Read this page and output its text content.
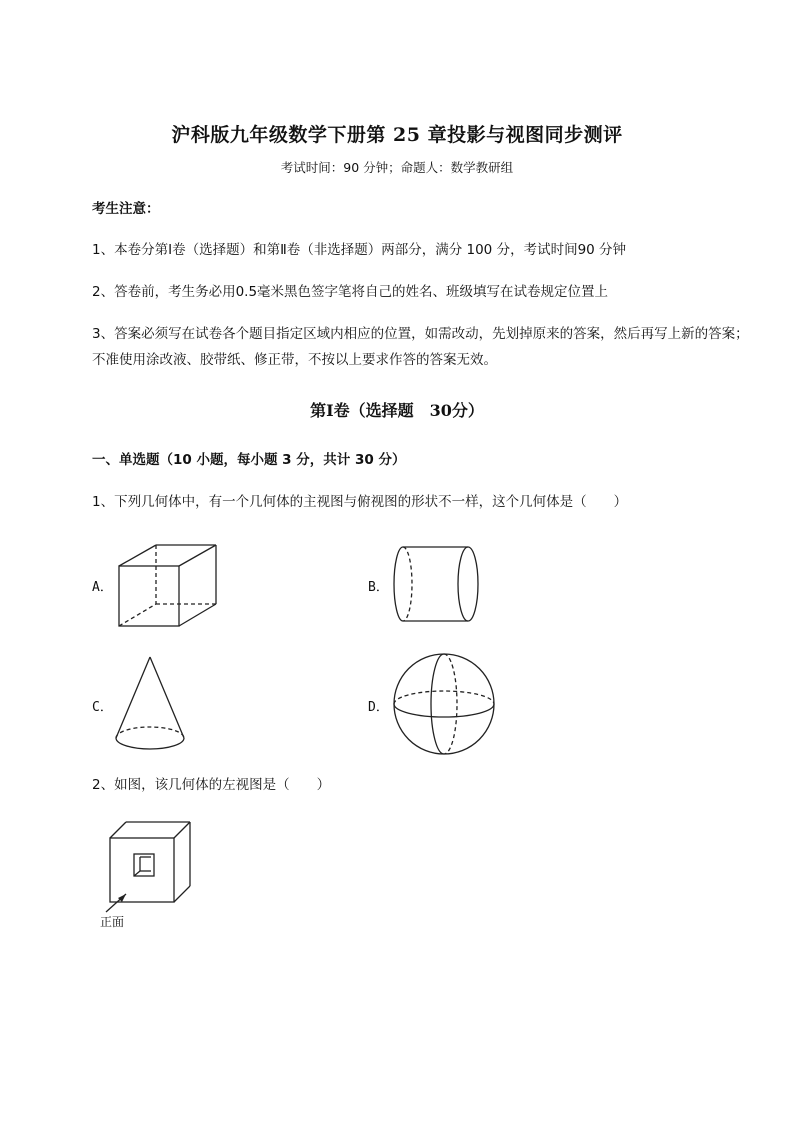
沪科版九年级数学下册第 25 章投影与视图同步测评
考试时间：90 分钟；命题人：数学教研组
考生注意：
1、本卷分第Ⅰ卷（选择题）和第Ⅱ卷（非选择题）两部分，满分 100 分，考试时间90 分钟
2、答卷前，考生务必用0.5毫米黑色签字笔将自己的姓名、班级填写在试卷规定位置上
3、答案必须写在试卷各个题目指定区域内相应的位置，如需改动，先划掉原来的答案，然后再写上新的答案；不准使用涂改液、胶带纸、修正带，不按以上要求作答的答案无效。
第Ⅰ卷（选择题　30分）
一、单选题（10 小题，每小题 3 分，共计 30 分）
1、下列几何体中，有一个几何体的主视图与俯视图的形状不一样，这个几何体是（　　）
A．	B．
C．	D．
2、如图，该几何体的左视图是（　　）
正面
